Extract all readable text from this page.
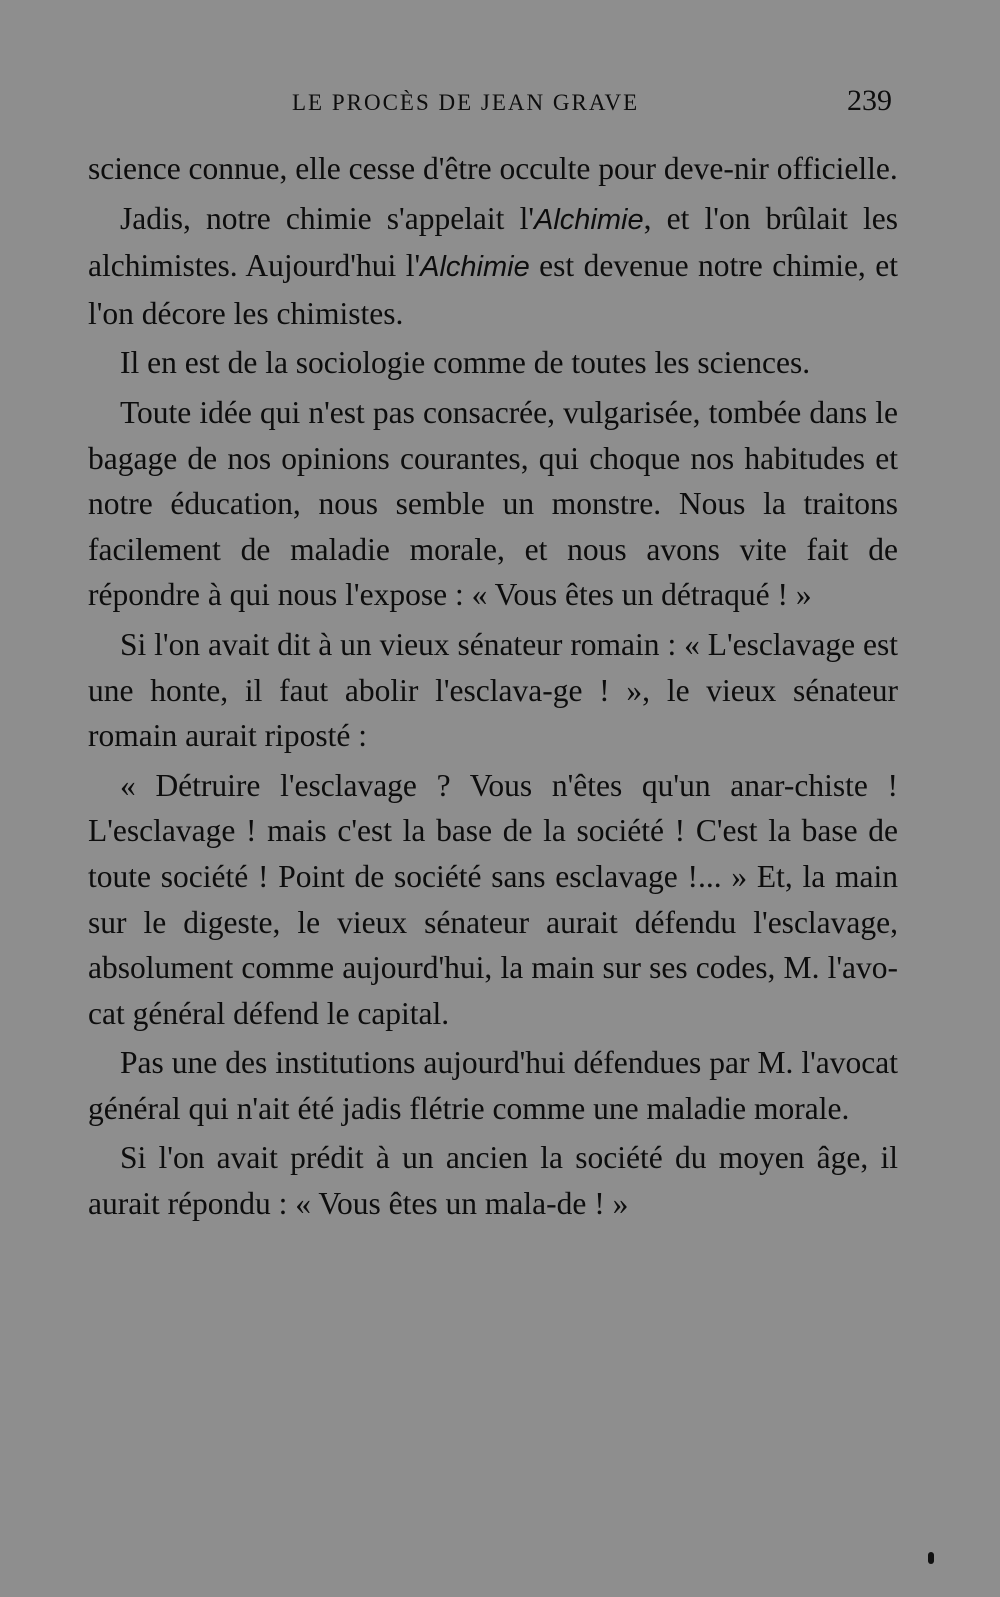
LE PROCÈS DE JEAN GRAVE	239

science connue, elle cesse d'être occulte pour deve-nir officielle.

Jadis, notre chimie s'appelait l'Alchimie, et l'on brûlait les alchimistes. Aujourd'hui l'Alchimie est devenue notre chimie, et l'on décore les chimistes.

Il en est de la sociologie comme de toutes les sciences.

Toute idée qui n'est pas consacrée, vulgarisée, tombée dans le bagage de nos opinions courantes, qui choque nos habitudes et notre éducation, nous semble un monstre. Nous la traitons facilement de maladie morale, et nous avons vite fait de répondre à qui nous l'expose : « Vous êtes un détraqué ! »

Si l'on avait dit à un vieux sénateur romain : « L'esclavage est une honte, il faut abolir l'esclava-ge ! », le vieux sénateur romain aurait riposté :

« Détruire l'esclavage ? Vous n'êtes qu'un anar-chiste ! L'esclavage ! mais c'est la base de la société ! C'est la base de toute société ! Point de société sans esclavage !... » Et, la main sur le digeste, le vieux sénateur aurait défendu l'esclavage, absolument comme aujourd'hui, la main sur ses codes, M. l'avo-cat général défend le capital.

Pas une des institutions aujourd'hui défendues par M. l'avocat général qui n'ait été jadis flétrie comme une maladie morale.

Si l'on avait prédit à un ancien la société du moyen âge, il aurait répondu : « Vous êtes un mala-de ! »
